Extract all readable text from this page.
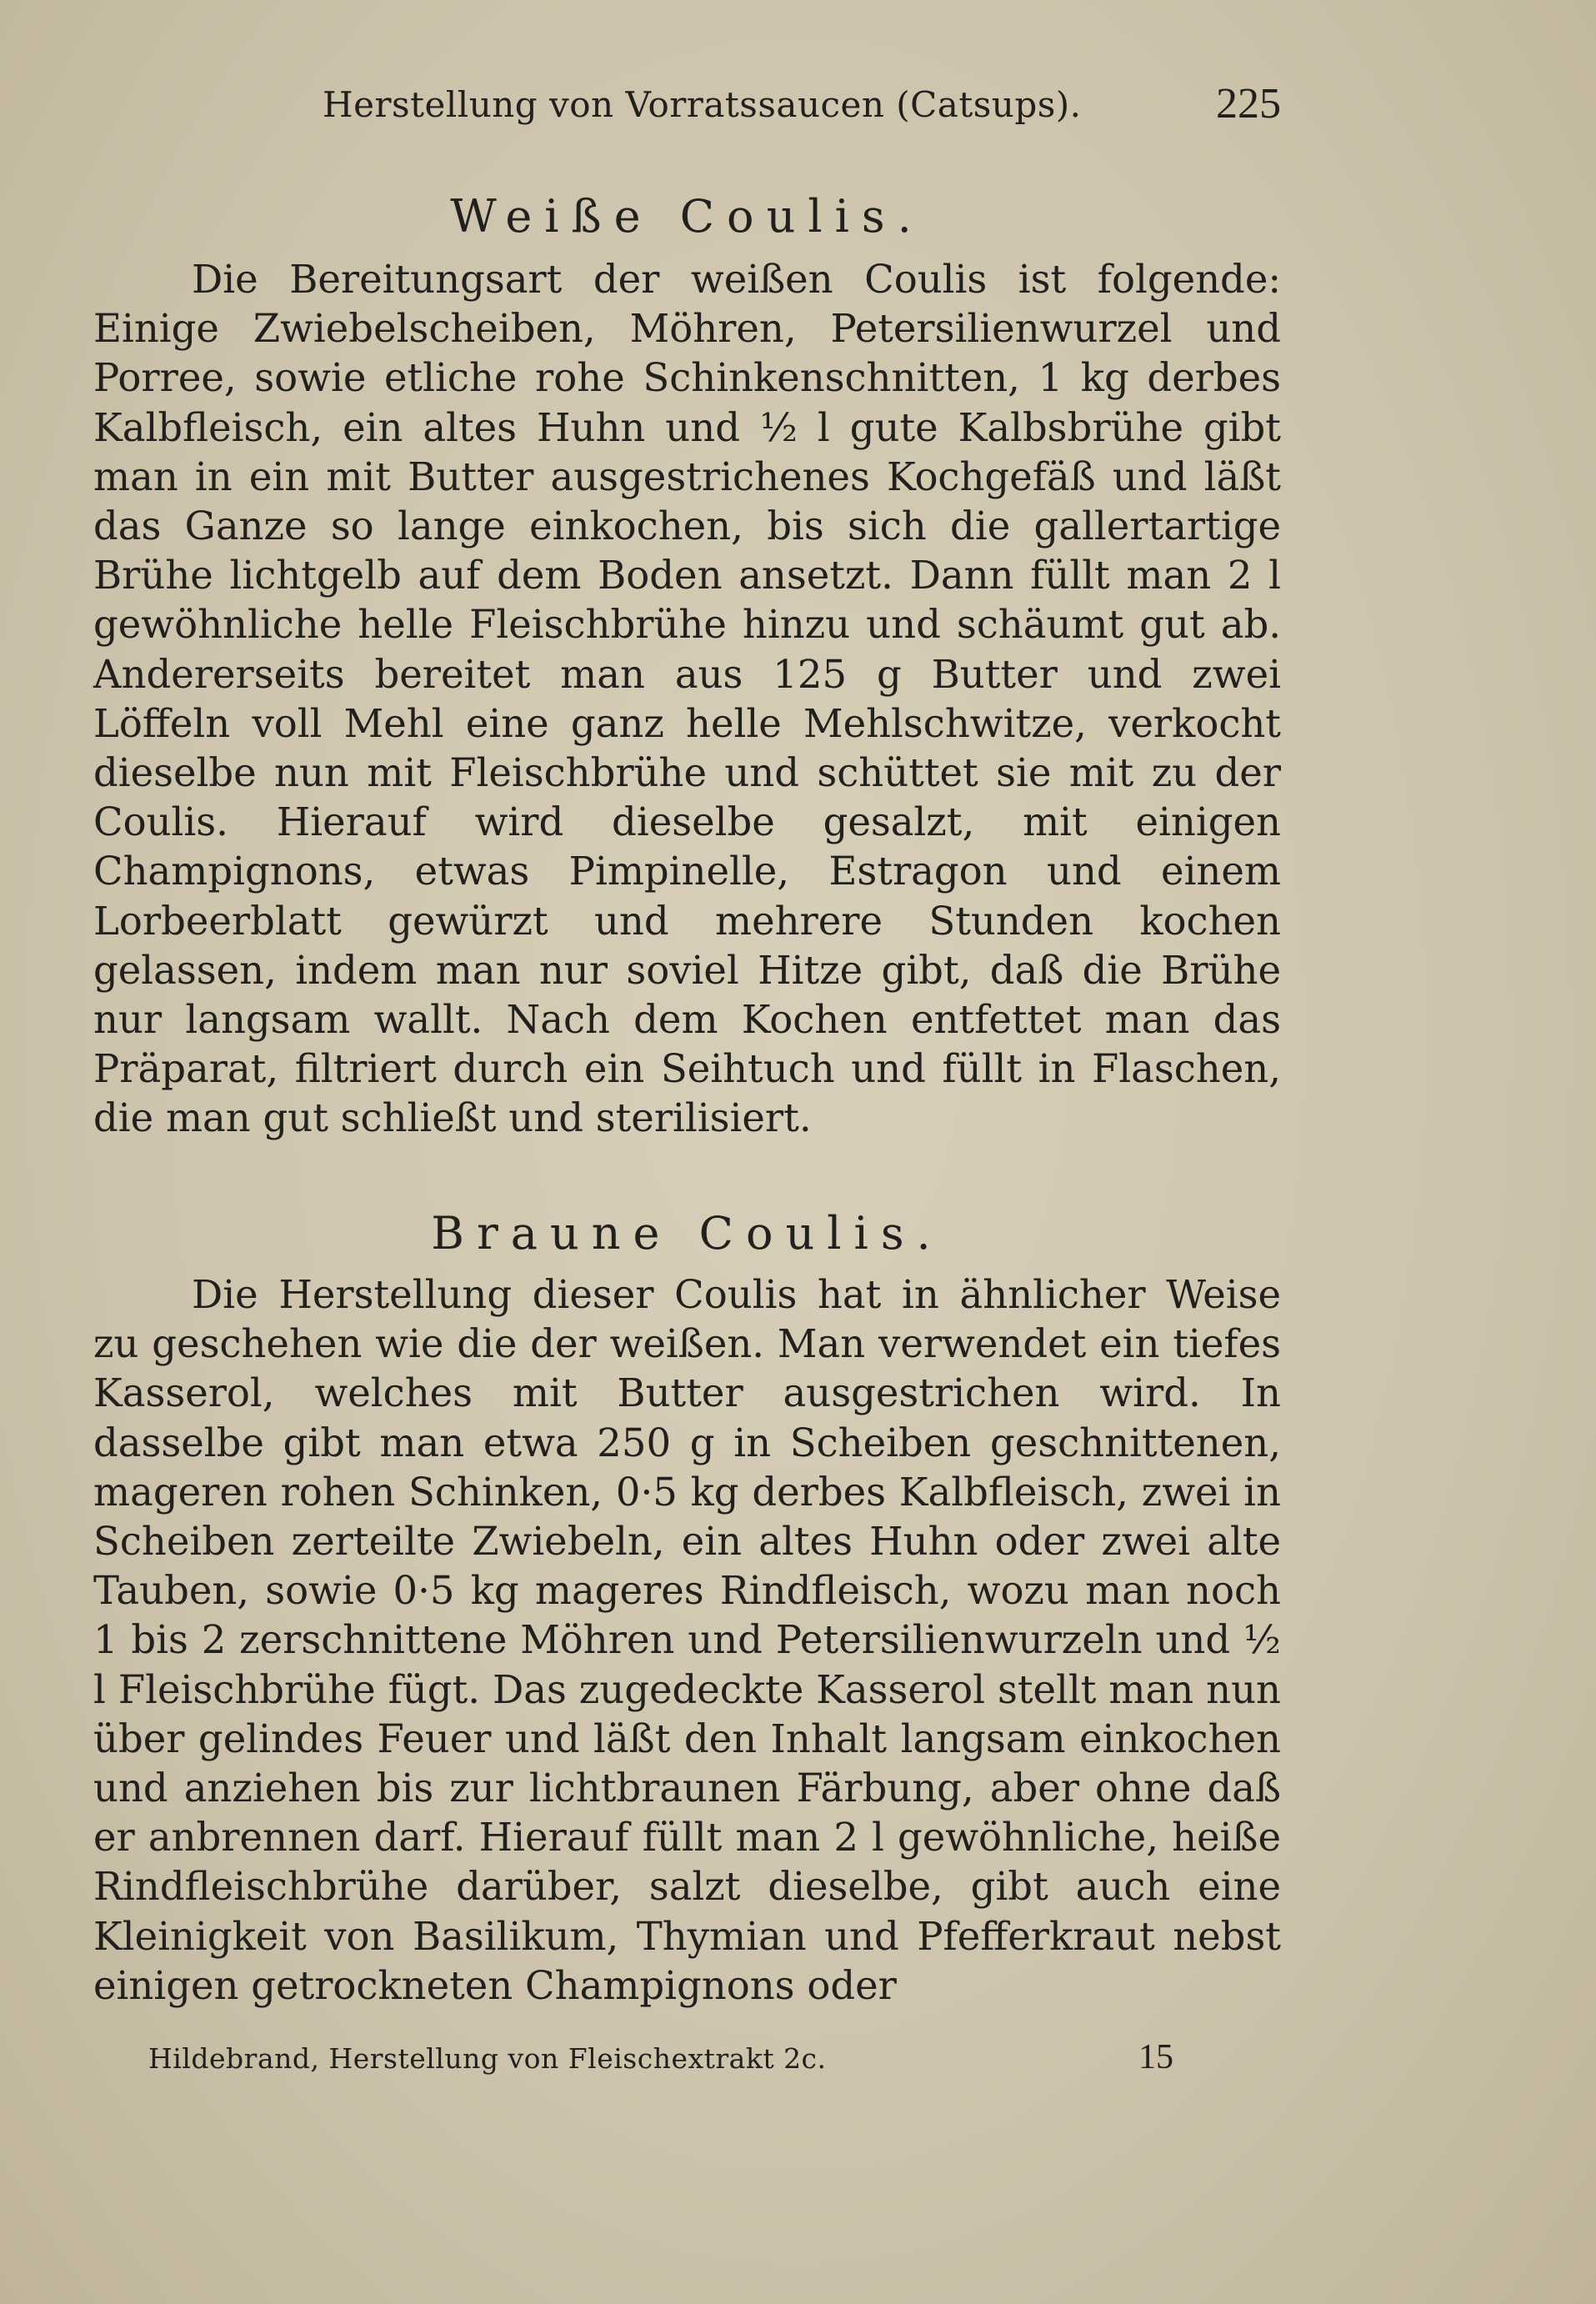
Herstellung von Vorratssaucen (Catsups).	225
Weiße Coulis.

Die Bereitungsart der weißen Coulis ist folgende: Einige Zwiebelscheiben, Möhren, Petersilienwurzel und Porree, sowie etliche rohe Schinkenschnitten, 1 kg derbes Kalbfleisch, ein altes Huhn und ½ l gute Kalbsbrühe gibt man in ein mit Butter ausgestrichenes Kochgefäß und läßt das Ganze so lange einkochen, bis sich die gallertartige Brühe lichtgelb auf dem Boden ansetzt. Dann füllt man 2 l gewöhnliche helle Fleischbrühe hinzu und schäumt gut ab. Andererseits bereitet man aus 125 g Butter und zwei Löffeln voll Mehl eine ganz helle Mehlschwitze, verkocht dieselbe nun mit Fleischbrühe und schüttet sie mit zu der Coulis. Hierauf wird dieselbe gesalzt, mit einigen Champignons, etwas Pimpinelle, Estragon und einem Lorbeerblatt gewürzt und mehrere Stunden kochen gelassen, indem man nur soviel Hitze gibt, daß die Brühe nur langsam wallt. Nach dem Kochen entfettet man das Präparat, filtriert durch ein Seihtuch und füllt in Flaschen, die man gut schließt und sterilisiert.

Braune Coulis.

Die Herstellung dieser Coulis hat in ähnlicher Weise zu geschehen wie die der weißen. Man verwendet ein tiefes Kasserol, welches mit Butter ausgestrichen wird. In dasselbe gibt man etwa 250 g in Scheiben geschnittenen, mageren rohen Schinken, 0·5 kg derbes Kalbfleisch, zwei in Scheiben zerteilte Zwiebeln, ein altes Huhn oder zwei alte Tauben, sowie 0·5 kg mageres Rindfleisch, wozu man noch 1 bis 2 zerschnittene Möhren und Petersilienwurzeln und ½ l Fleischbrühe fügt. Das zugedeckte Kasserol stellt man nun über gelindes Feuer und läßt den Inhalt langsam einkochen und anziehen bis zur lichtbraunen Färbung, aber ohne daß er anbrennen darf. Hierauf füllt man 2 l gewöhnliche, heiße Rindfleischbrühe darüber, salzt dieselbe, gibt auch eine Kleinigkeit von Basilikum, Thymian und Pfefferkraut nebst einigen getrockneten Champignons oder

Hildebrand, Herstellung von Fleischextrakt 2c.	15
